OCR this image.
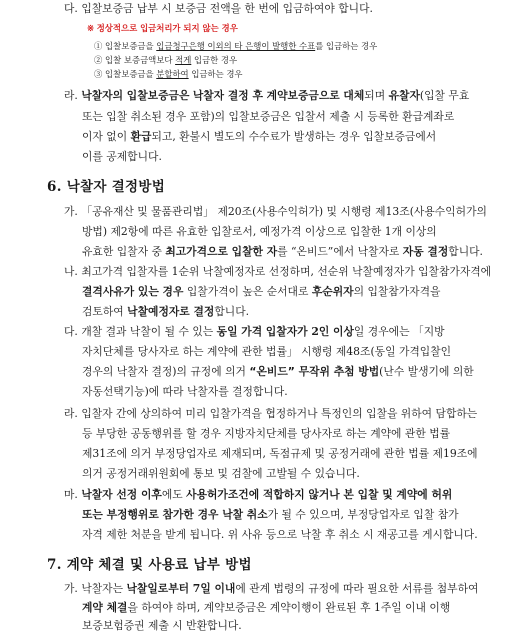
다. 입찰보증금 납부 시 보증금 전액을 한 번에 입금하여야 합니다.
※ 정상적으로 입금처리가 되지 않는 경우
① 입찰보증금을 입금청구은행 이외의 타 은행이 발행한 수표를 입금하는 경우
② 입찰 보증금액보다 적게 입금한 경우
③ 입찰보증금을 분할하여 입금하는 경우
라. 낙찰자의 입찰보증금은 낙찰자 결정 후 계약보증금으로 대체되며 유찰자(입찰 무효
또는 입찰 취소된 경우 포함)의 입찰보증금은 입찰서 제출 시 등록한 환급계좌로
이자 없이 환급되고, 환불시 별도의 수수료가 발생하는 경우 입찰보증금에서
이를 공제합니다.
6. 낙찰자 결정방법
가. 「공유재산 및 물품관리법」 제20조(사용수익허가) 및 시행령 제13조(사용수익허가의
방법) 제2항에 따른 유효한 입찰로서, 예정가격 이상으로 입찰한 1개 이상의
유효한 입찰자 중 최고가격으로 입찰한 자를 “온비드”에서 낙찰자로 자동 결정합니다.
나. 최고가격 입찰자를 1순위 낙찰예정자로 선정하며, 선순위 낙찰예정자가 입찰참가자격에
결격사유가 있는 경우 입찰가격이 높은 순서대로 후순위자의 입찰참가자격을
검토하여 낙찰예정자로 결정합니다.
다. 개찰 결과 낙찰이 될 수 있는 동일 가격 입찰자가 2인 이상일 경우에는 「지방
자치단체를 당사자로 하는 계약에 관한 법률」 시행령 제48조(동일 가격입찰인
경우의 낙찰자 결정)의 규정에 의거 “온비드” 무작위 추첨 방법(난수 발생기에 의한
자동선택기능)에 따라 낙찰자를 결정합니다.
라. 입찰자 간에 상의하여 미리 입찰가격을 협정하거나 특정인의 입찰을 위하여 담합하는
등 부당한 공동행위를 할 경우 지방자치단체를 당사자로 하는 계약에 관한 법률
제31조에 의거 부정당업자로 제재되며, 독점규제 및 공정거래에 관한 법률 제19조에
의거 공정거래위원회에 통보 및 검찰에 고발될 수 있습니다.
마. 낙찰자 선정 이후에도 사용허가조건에 적합하지 않거나 본 입찰 및 계약에 허위
또는 부정행위로 참가한 경우 낙찰 취소가 될 수 있으며, 부정당업자로 입찰 참가
자격 제한 처분을 받게 됩니다. 위 사유 등으로 낙찰 후 취소 시 재공고를 게시합니다.
7. 계약 체결 및 사용료 납부 방법
가. 낙찰자는 낙찰일로부터 7일 이내에 관계 법령의 규정에 따라 필요한 서류를 첨부하여
계약 체결을 하여야 하며, 계약보증금은 계약이행이 완료된 후 1주일 이내 이행
보증보험증권 제출 시 반환합니다.
